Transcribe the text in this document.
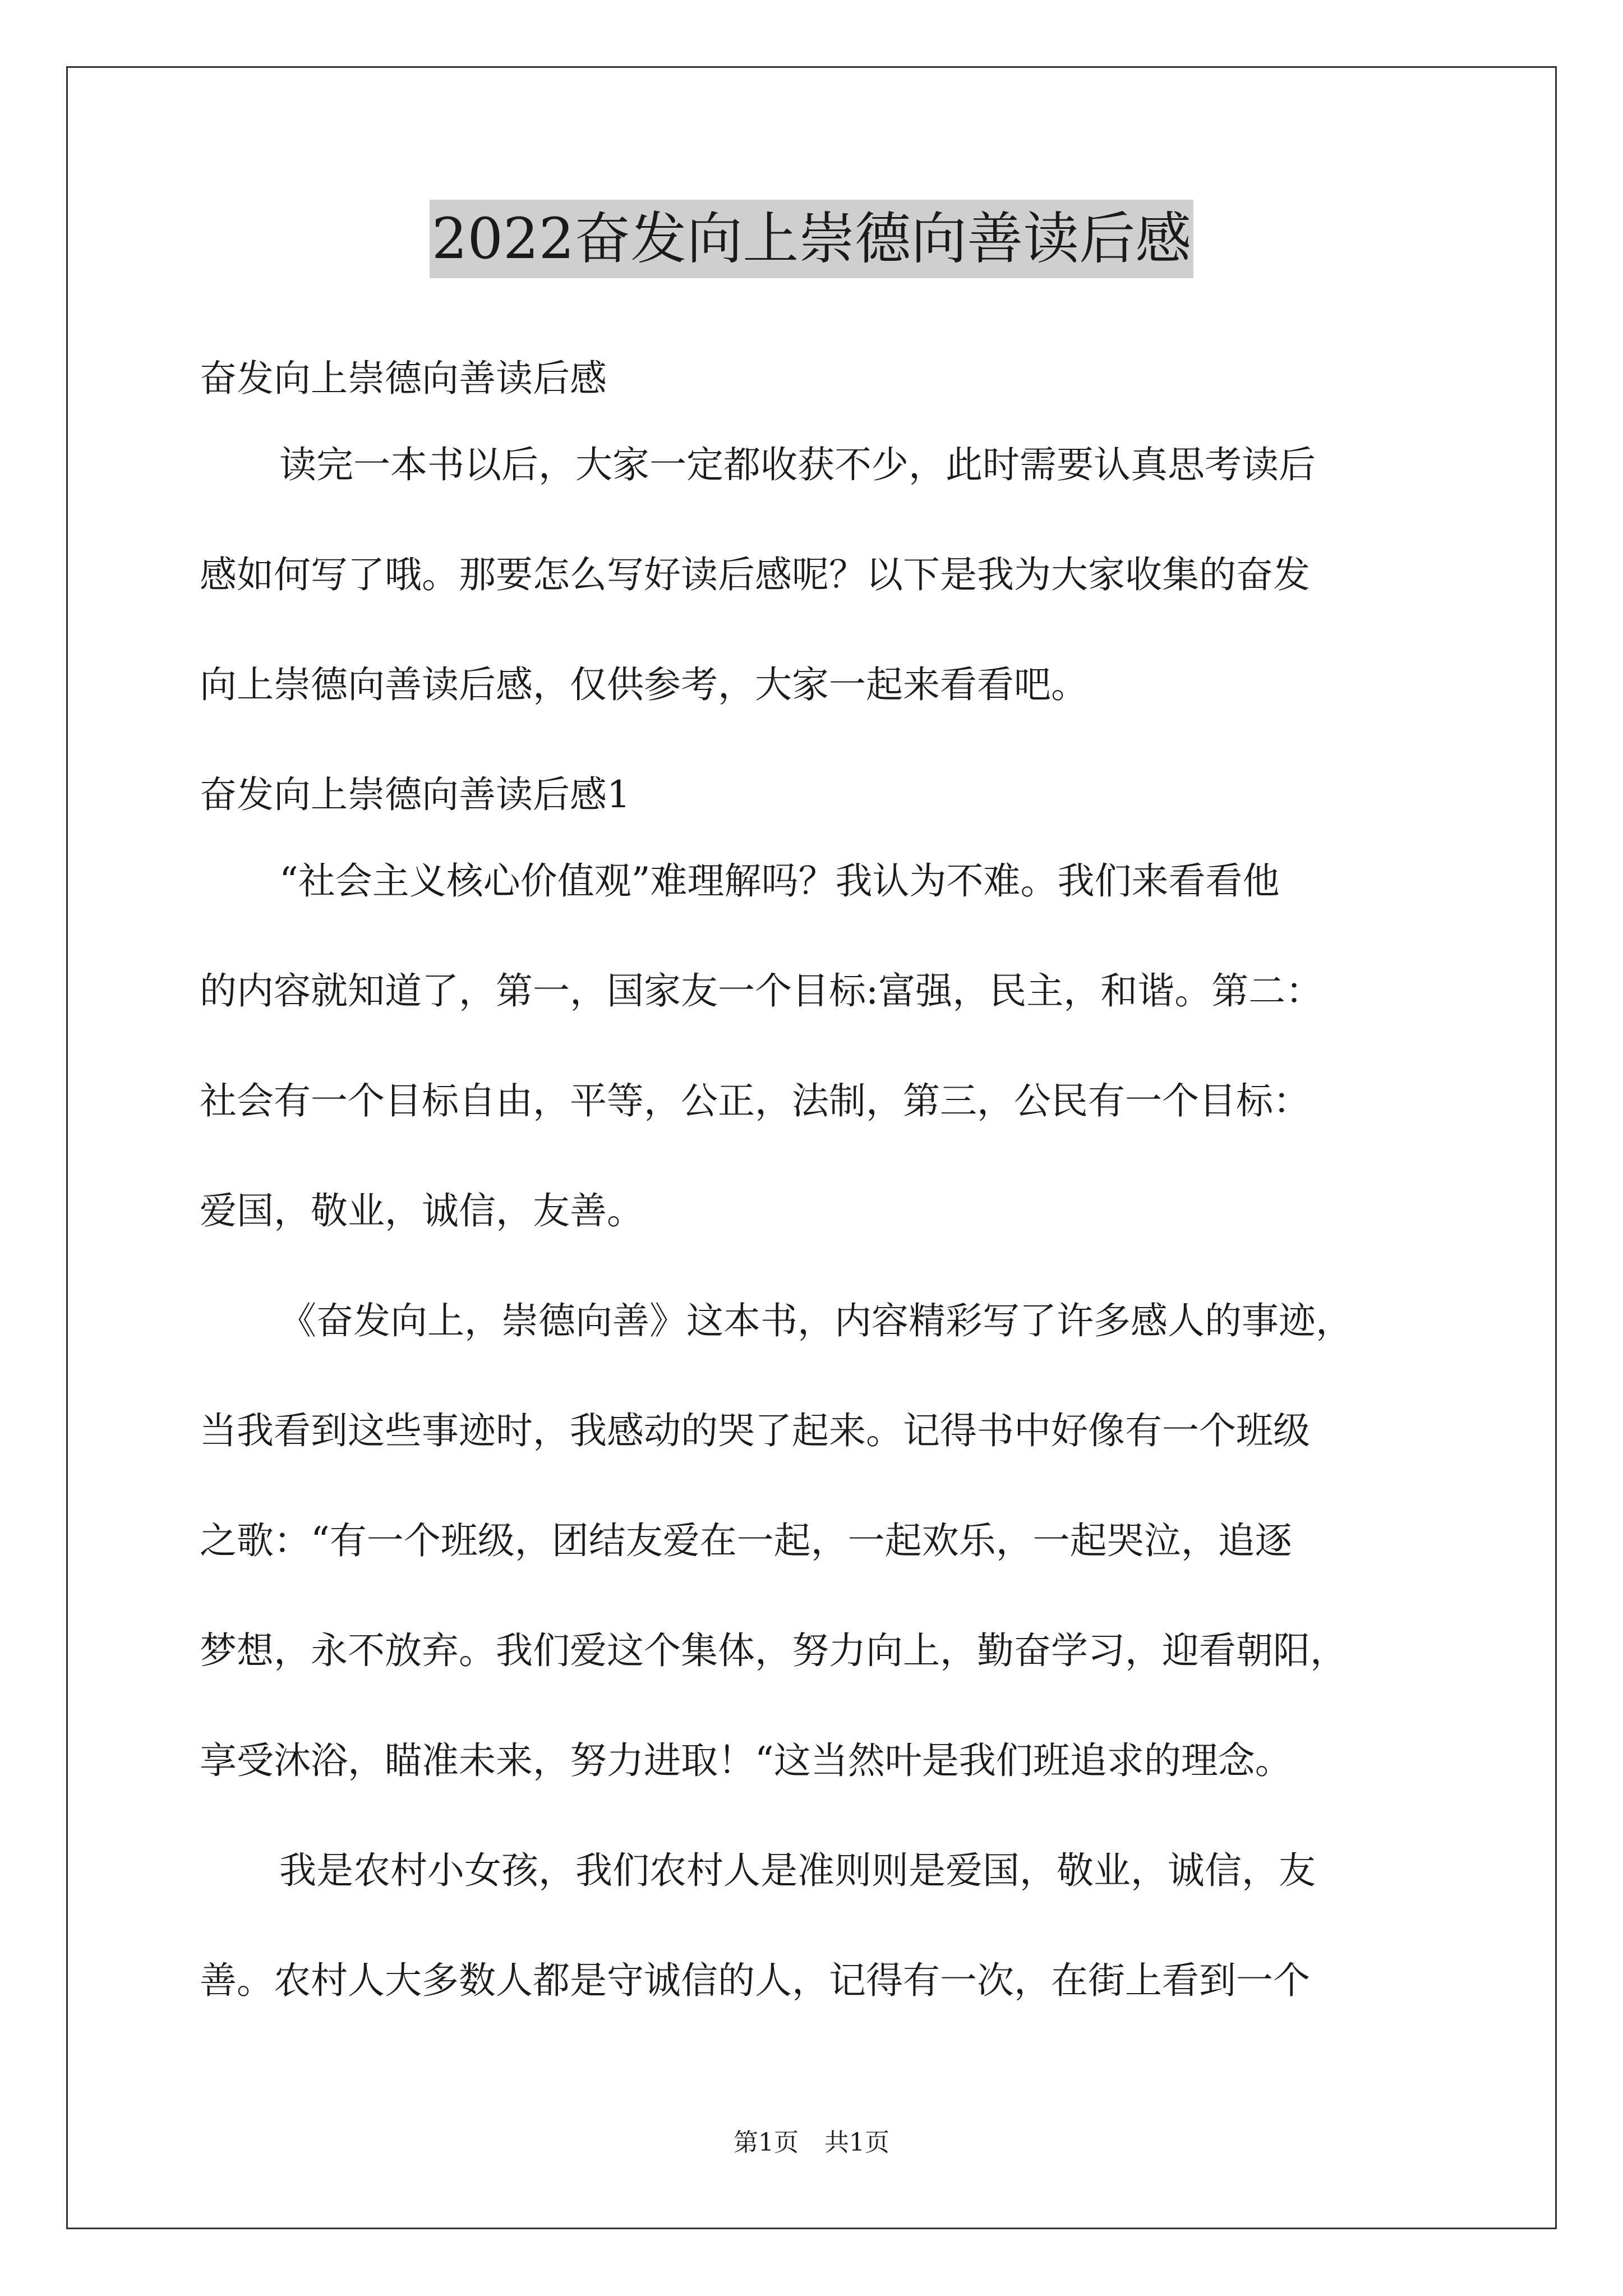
2022奋发向上崇德向善读后感

奋发向上崇德向善读后感

读完一本书以后，大家一定都收获不少，此时需要认真思考读后

感如何写了哦。那要怎么写好读后感呢？以下是我为大家收集的奋发

向上崇德向善读后感，仅供参考，大家一起来看看吧。

奋发向上崇德向善读后感1

“社会主义核心价值观”难理解吗？我认为不难。我们来看看他

的内容就知道了，第一，国家友一个目标:富强，民主，和谐。第二：

社会有一个目标自由，平等，公正，法制，第三，公民有一个目标：

爱国，敬业，诚信，友善。

《奋发向上，崇德向善》这本书，内容精彩写了许多感人的事迹，

当我看到这些事迹时，我感动的哭了起来。记得书中好像有一个班级

之歌：“有一个班级，团结友爱在一起，一起欢乐，一起哭泣，追逐

梦想，永不放弃。我们爱这个集体，努力向上，勤奋学习，迎看朝阳，

享受沐浴，瞄准未来，努力进取！“这当然叶是我们班追求的理念。

我是农村小女孩，我们农村人是准则则是爱国，敬业，诚信，友

善。农村人大多数人都是守诚信的人，记得有一次，在街上看到一个

第1页 共1页
